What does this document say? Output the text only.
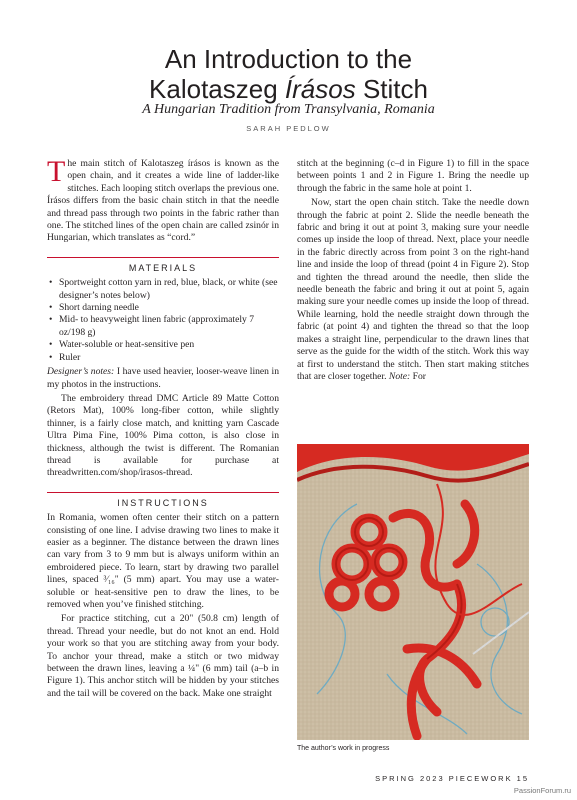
An Introduction to the
Kalotaszeg Írásos Stitch
A Hungarian Tradition from Transylvania, Romania
SARAH PEDLOW

The main stitch of Kalotaszeg írásos is known as the open chain, and it creates a wide line of ladder-like stitches. Each looping stitch overlaps the previous one. Írásos differs from the basic chain stitch in that the needle and thread pass through two points in the fabric rather than one. The stitched lines of the open chain are called zsinór in Hungarian, which translates as “cord.”

MATERIALS
• Sportweight cotton yarn in red, blue, black, or white (see designer’s notes below)
• Short darning needle
• Mid- to heavyweight linen fabric (approximately 7 oz/198 g)
• Water-soluble or heat-sensitive pen
• Ruler

Designer’s notes: I have used heavier, looser-weave linen in my photos in the instructions.

The embroidery thread DMC Article 89 Matte Cotton (Retors Mat), 100% long-fiber cotton, while slightly thinner, is a fairly close match, and knitting yarn Cascade Ultra Pima Fine, 100% Pima cotton, is also close in thickness, although the twist is different. The Romanian thread is available for purchase at threadwritten.com/shop/irasos-thread.

INSTRUCTIONS

In Romania, women often center their stitch on a pattern consisting of one line. I advise drawing two lines to make it easier as a beginner. The distance between the drawn lines can vary from 3 to 9 mm but is always uniform within an embroidered piece. To learn, start by drawing two parallel lines, spaced ³⁄₁₆" (5 mm) apart. You may use a water-soluble or heat-sensitive pen to draw the lines, to be removed when you’ve finished stitching.

For practice stitching, cut a 20" (50.8 cm) length of thread. Thread your needle, but do not knot an end. Hold your work so that you are stitching away from your body. To anchor your thread, make a stitch or two midway between the drawn lines, leaving a ¼" (6 mm) tail (a–b in Figure 1). This anchor stitch will be hidden by your stitches and the tail will be covered on the back. Make one straight

stitch at the beginning (c–d in Figure 1) to fill in the space between points 1 and 2 in Figure 1. Bring the needle up through the fabric in the same hole at point 1.

Now, start the open chain stitch. Take the needle down through the fabric at point 2. Slide the needle beneath the fabric and bring it out at point 3, making sure your needle comes up inside the loop of thread. Next, place your needle in the fabric directly across from point 3 on the right-hand line and inside the loop of thread (point 4 in Figure 2). Stop and tighten the thread around the needle, then slide the needle beneath the fabric and bring it out at point 5, again making sure your needle comes up inside the loop of thread. While learning, hold the needle straight down through the fabric (at point 4) and tighten the thread so that the loop makes a straight line, perpendicular to the drawn lines that serve as the guide for the width of the stitch. Work this way at first to understand the stitch. Then start making stitches that are closer together. Note: For

The author’s work in progress
SPRING 2023 PIECEWORK 15
PassionForum.ru
